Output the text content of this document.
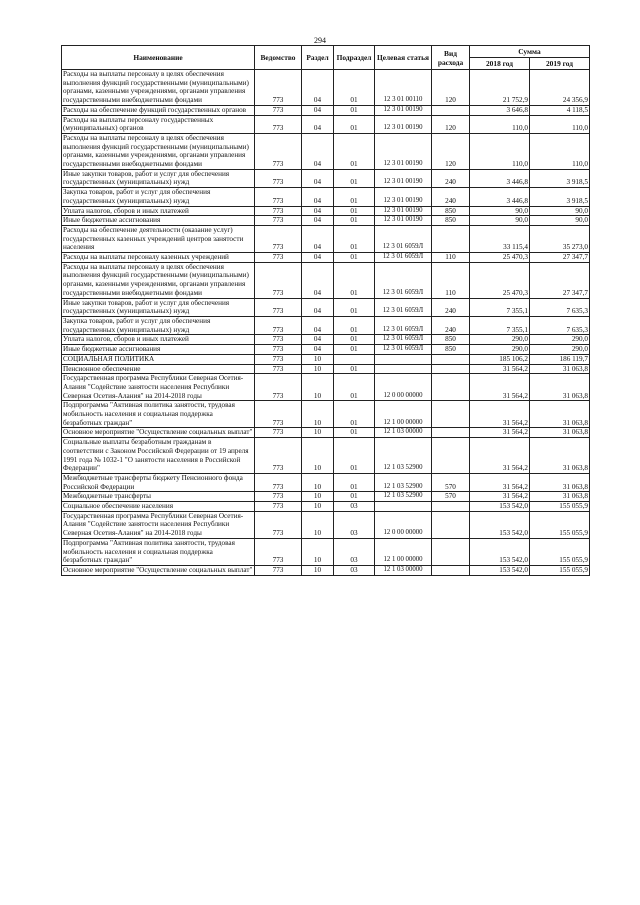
294
Наименование	Ведомство	Раздел	Подраздел	Целевая статья	Вид расхода	Сумма	
						2018 год	2019 год
Расходы на выплаты персоналу в целях обеспечения выполнения функций государственными (муниципальными) органами, казенными учреждениями, органами управления государственными внебюджетными фондами	773	04	01	12 3 01 00110	120	21 752,9	24 356,9
Расходы на обеспечение функций государственных органов	773	04	01	12 3 01 00190		3 646,8	4 118,5
Расходы на выплаты персоналу государственных (муниципальных) органов	773	04	01	12 3 01 00190	120	110,0	110,0
Расходы на выплаты персоналу в целях обеспечения выполнения функций государственными (муниципальными) органами, казенными учреждениями, органами управления государственными внебюджетными фондами	773	04	01	12 3 01 00190	120	110,0	110,0
Иные закупки товаров, работ и услуг для обеспечения государственных (муниципальных) нужд	773	04	01	12 3 01 00190	240	3 446,8	3 918,5
Закупка товаров, работ и услуг для обеспечения государственных (муниципальных) нужд	773	04	01	12 3 01 00190	240	3 446,8	3 918,5
Уплата налогов, сборов и иных платежей	773	04	01	12 3 01 00190	850	90,0	90,0
Иные бюджетные ассигнования	773	04	01	12 3 01 00190	850	90,0	90,0
Расходы на обеспечение деятельности (оказание услуг) государственных казенных учреждений центров занятости населения	773	04	01	12 3 01 6059Л		33 115,4	35 273,0
Расходы на выплаты персоналу казенных учреждений	773	04	01	12 3 01 6059Л	110	25 470,3	27 347,7
Расходы на выплаты персоналу в целях обеспечения выполнения функций государственными (муниципальными) органами, казенными учреждениями, органами управления государственными внебюджетными фондами	773	04	01	12 3 01 6059Л	110	25 470,3	27 347,7
Иные закупки товаров, работ и услуг для обеспечения государственных (муниципальных) нужд	773	04	01	12 3 01 6059Л	240	7 355,1	7 635,3
Закупка товаров, работ и услуг для обеспечения государственных (муниципальных) нужд	773	04	01	12 3 01 6059Л	240	7 355,1	7 635,3
Уплата налогов, сборов и иных платежей	773	04	01	12 3 01 6059Л	850	290,0	290,0
Иные бюджетные ассигнования	773	04	01	12 3 01 6059Л	850	290,0	290,0
СОЦИАЛЬНАЯ ПОЛИТИКА	773	10				185 106,2	186 119,7
Пенсионное обеспечение	773	10	01			31 564,2	31 063,8
Государственная программа Республики Северная Осетия-Алания "Содействие занятости населения Республики Северная Осетия-Алания" на 2014-2018 годы	773	10	01	12 0 00 00000		31 564,2	31 063,8
Подпрограмма "Активная политика занятости, трудовая мобильность населения и социальная поддержка безработных граждан"	773	10	01	12 1 00 00000		31 564,2	31 063,8
Основное мероприятие "Осуществление социальных выплат"	773	10	01	12 1 03 00000		31 564,2	31 063,8
Социальные выплаты безработным гражданам в соответствии с Законом Российской Федерации от 19 апреля 1991 года № 1032-1 "О занятости населения в Российской Федерации"	773	10	01	12 1 03 52900		31 564,2	31 063,8
Межбюджетные трансферты бюджету Пенсионного фонда Российской Федерации	773	10	01	12 1 03 52900	570	31 564,2	31 063,8
Межбюджетные трансферты	773	10	01	12 1 03 52900	570	31 564,2	31 063,8
Социальное обеспечение населения	773	10	03			153 542,0	155 055,9
Государственная программа Республики Северная Осетия-Алания "Содействие занятости населения Республики Северная Осетия-Алания" на 2014-2018 годы	773	10	03	12 0 00 00000		153 542,0	155 055,9
Подпрограмма "Активная политика занятости, трудовая мобильность населения и социальная поддержка безработных граждан"	773	10	03	12 1 00 00000		153 542,0	155 055,9
Основное мероприятие "Осуществление социальных выплат"	773	10	03	12 1 03 00000		153 542,0	155 055,9
